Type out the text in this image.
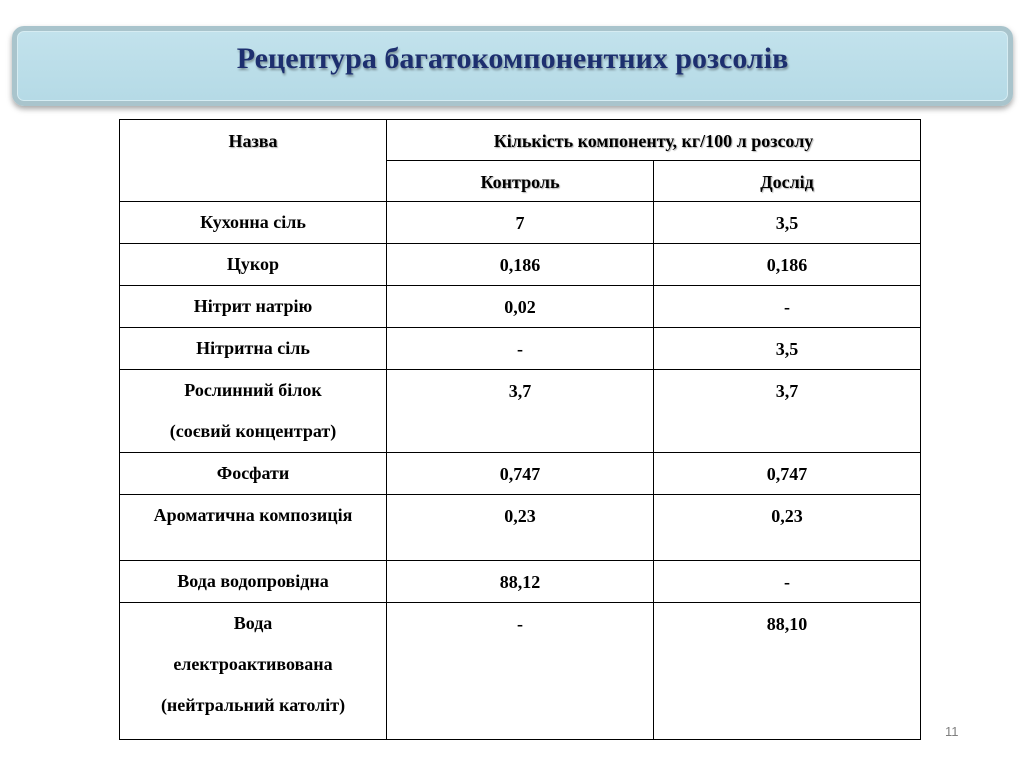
Рецептура багатокомпонентних розсолів
Назва	Кількість компоненту, кг/100 л розсолу	
	Контроль	Дослід

Кухонна сіль	7	3,5

Цукор	0,186	0,186

Нітрит натрію	0,02	-

Нітритна сіль	-	3,5

Рослинний білок
(соєвий концентрат)	3,7	3,7

Фосфати	0,747	0,747

Ароматична композиція	0,23	0,23

Вода водопровідна	88,12	-

Вода
електроактивована
(нейтральний католіт)	-	88,10
11
